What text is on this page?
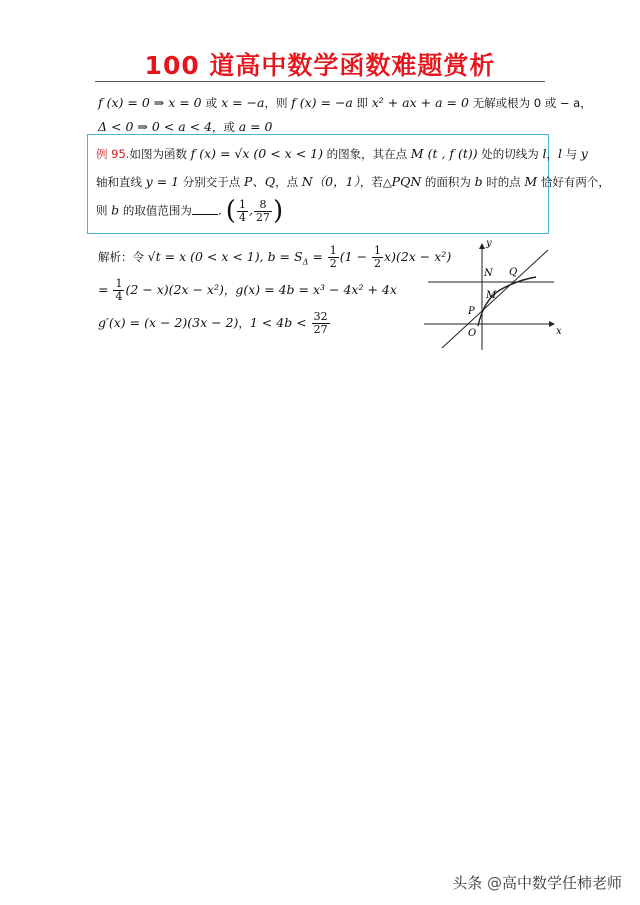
100 道高中数学函数难题赏析
f (x) = 0 ⇒ x = 0 或 x = −a，则 f (x) = −a 即 x² + ax + a = 0 无解或根为 0 或 − a，
Δ < 0 ⇒ 0 < a < 4，或 a = 0
例 95.如图为函数 f (x) = √x (0 < x < 1) 的图象，其在点 M (t , f (t)) 处的切线为 l，l 与 y
轴和直线 y = 1 分别交于点 P、Q，点 N（0，1），若△PQN 的面积为 b 时的点 M 恰好有两个，
则 b 的取值范围为 . ( $\frac{1}{4}$ , $\frac{8}{27}$ )
解析：令 √t = x (0 < x < 1), $b = S_\Delta = \frac{1}{2} (1 - \frac{1}{2} x)(2x - x^2)$
= $\frac{1}{4} (2 - x)(2x - x^2)$，g(x) = 4b = x³ − 4x² + 4x
g′(x) = (x − 2)(3x − 2)，$1 < 4b < \frac{32}{27}$
y
x
N Q
M
P
O
头条 @高中数学任柿老师
